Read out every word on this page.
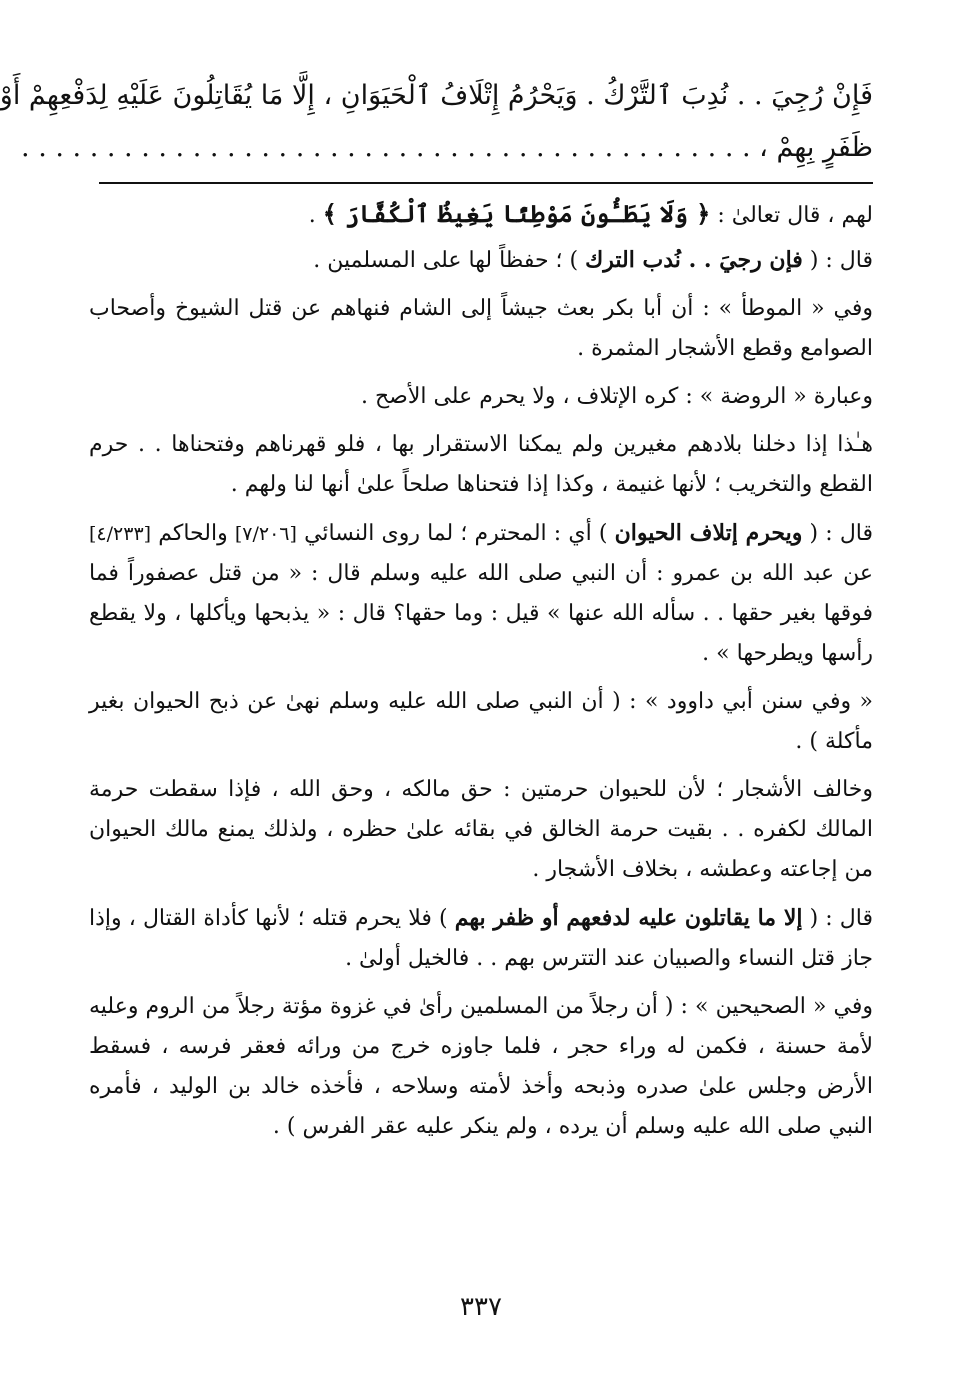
فَإِنْ رُجِيَ . . نُدِبَ ٱلتَّرْكُ . وَيَحْرُمُ إِتْلَافُ ٱلْحَيَوَانِ ، إِلَّا مَا يُقَاتِلُونَ عَلَيْهِ لِدَفْعِهِمْ أَوْ
ظَفَرٍ بِهِمْ ، . . . . . . . . . . . . . . . . . . . . . . . . . . . . . . . . . . . . . . . . . . .

لهم ، قال تعالىٰ : ﴿ وَلَا يَطَـُٔونَ مَوْطِئًا يَغِيظُ ٱلْكُفَّارَ ﴾ .

قال : ( فإن رجيَ . . نُدب الترك ) ؛ حفظاً لها على المسلمين .

وفي « الموطأ » : أن أبا بكر بعث جيشاً إلى الشام فنهاهم عن قتل الشيوخ وأصحاب الصوامع وقطع الأشجار المثمرة .

وعبارة « الروضة » : كره الإتلاف ، ولا يحرم على الأصح .

هـٰذا إذا دخلنا بلادهم مغيرين ولم يمكنا الاستقرار بها ، فلو قهرناهم وفتحناها . . حرم القطع والتخريب ؛ لأنها غنيمة ، وكذا إذا فتحناها صلحاً علىٰ أنها لنا ولهم .

قال : ( ويحرم إتلاف الحيوان ) أي : المحترم ؛ لما روى النسائي [٧/٢٠٦] والحاكم [٤/٢٣٣] عن عبد الله بن عمرو : أن النبي صلى الله عليه وسلم قال : « من قتل عصفوراً فما فوقها بغير حقها . . سأله الله عنها » قيل : وما حقها؟ قال : « يذبحها ويأكلها ، ولا يقطع رأسها ويطرحها » .

« وفي سنن أبي داوود » : ( أن النبي صلى الله عليه وسلم نهىٰ عن ذبح الحيوان بغير مأكلة ) .

وخالف الأشجار ؛ لأن للحيوان حرمتين : حق مالكه ، وحق الله ، فإذا سقطت حرمة المالك لكفره . . بقيت حرمة الخالق في بقائه علىٰ حظره ، ولذلك يمنع مالك الحيوان من إجاعته وعطشه ، بخلاف الأشجار .

قال : ( إلا ما يقاتلون عليه لدفعهم أو ظفر بهم ) فلا يحرم قتله ؛ لأنها كأداة القتال ، وإذا جاز قتل النساء والصبيان عند التترس بهم . . فالخيل أولىٰ .

وفي « الصحيحين » : ( أن رجلاً من المسلمين رأىٰ في غزوة مؤتة رجلاً من الروم وعليه لأمة حسنة ، فكمن له وراء حجر ، فلما جاوزه خرج من ورائه فعقر فرسه ، فسقط الأرض وجلس علىٰ صدره وذبحه وأخذ لأمته وسلاحه ، فأخذه خالد بن الوليد ، فأمره النبي صلى الله عليه وسلم أن يرده ، ولم ينكر عليه عقر الفرس ) .

٣٣٧
